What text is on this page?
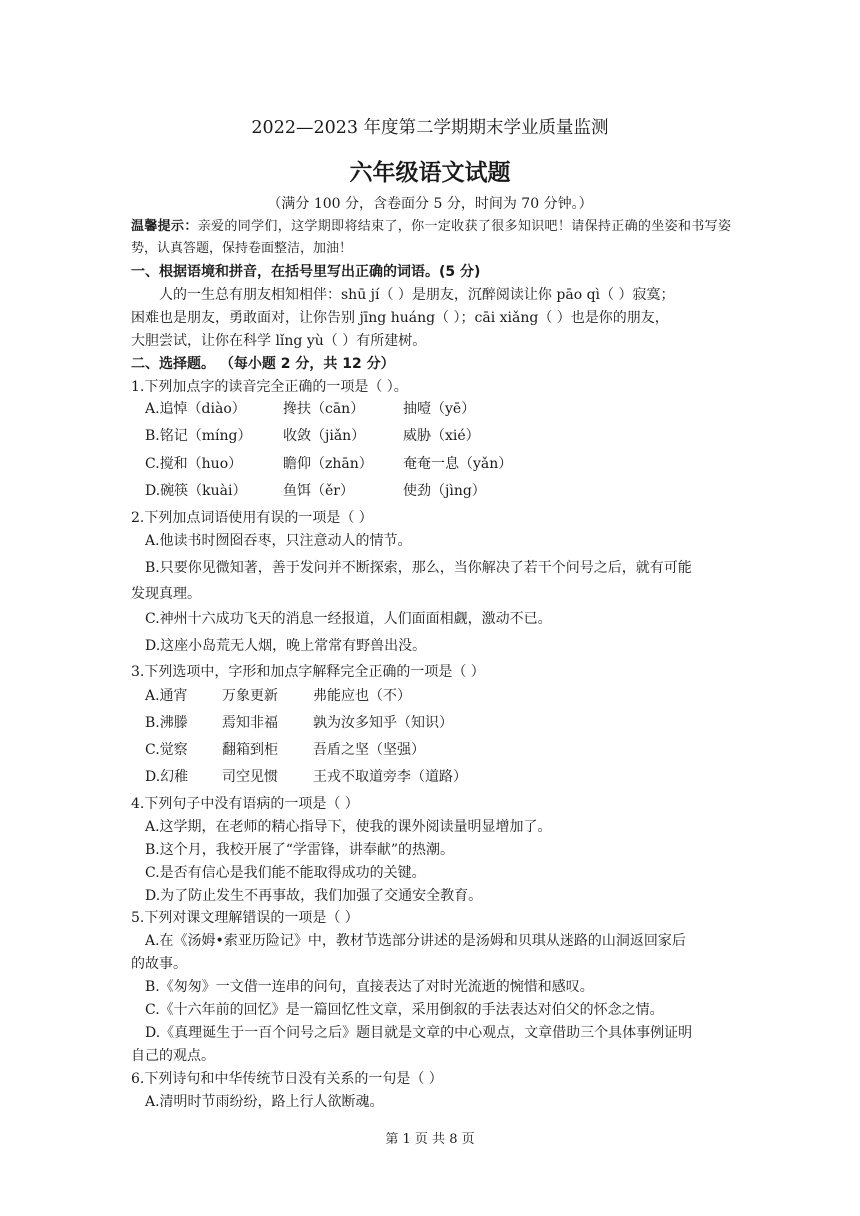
2022—2023 年度第二学期期末学业质量监测
六年级语文试题
（满分 100 分，含卷面分 5 分，时间为 70 分钟。）
温馨提示：亲爱的同学们，这学期即将结束了，你一定收获了很多知识吧！请保持正确的坐姿和书写姿势，认真答题，保持卷面整洁，加油！
一、根据语境和拼音，在括号里写出正确的词语。(5 分)
人的一生总有朋友相知相伴：shū jí（ ）是朋友，沉醉阅读让你 pāo qì（ ）寂寞；
困难也是朋友，勇敢面对，让你告别 jīng huáng（ ）；cāi xiǎng（ ）也是你的朋友，
大胆尝试，让你在科学 lǐng yù（ ）有所建树。
二、选择题。 （每小题 2 分，共 12 分）
1.下列加点字的读音完全正确的一项是（ ）。
A.追悼（diào）	搀扶（cān）	抽噎（yē）
B.铭记（míng） 收敛（jiǎn）	威胁（xié）
C.搅和（huo）	瞻仰（zhān） 奄奄一息（yǎn）
D.碗筷（kuài）	鱼饵（ěr）	使劲（jìng）
2.下列加点词语使用有误的一项是（ ）
A.他读书时囫囵吞枣，只注意动人的情节。
B.只要你见微知著，善于发问并不断探索，那么，当你解决了若干个问号之后，就有可能
发现真理。
C.神州十六成功飞天的消息一经报道，人们面面相觑，激动不已。
D.这座小岛荒无人烟，晚上常常有野兽出没。
3.下列选项中，字形和加点字解释完全正确的一项是（ ）
A.通宵 万象更新	弗能应也（不）
B.沸滕 焉知非福	孰为汝多知乎（知识）
C.觉察 翻箱到柜	吾盾之坚（坚强）
D.幻稚 司空见惯	王戎不取道旁李（道路）
4.下列句子中没有语病的一项是（ ）
A.这学期，在老师的精心指导下，使我的课外阅读量明显增加了。
B.这个月，我校开展了“学雷锋，讲奉献”的热潮。
C.是否有信心是我们能不能取得成功的关键。
D.为了防止发生不再事故，我们加强了交通安全教育。
5.下列对课文理解错误的一项是（ ）
A.在《汤姆•索亚历险记》中，教材节选部分讲述的是汤姆和贝琪从迷路的山洞返回家后
的故事。
B.《匆匆》一文借一连串的问句，直接表达了对时光流逝的惋惜和感叹。
C.《十六年前的回忆》是一篇回忆性文章，采用倒叙的手法表达对伯父的怀念之情。
D.《真理诞生于一百个问号之后》题目就是文章的中心观点，文章借助三个具体事例证明
自己的观点。
6.下列诗句和中华传统节日没有关系的一句是（ ）
A.清明时节雨纷纷，路上行人欲断魂。
第 1 页 共 8 页
